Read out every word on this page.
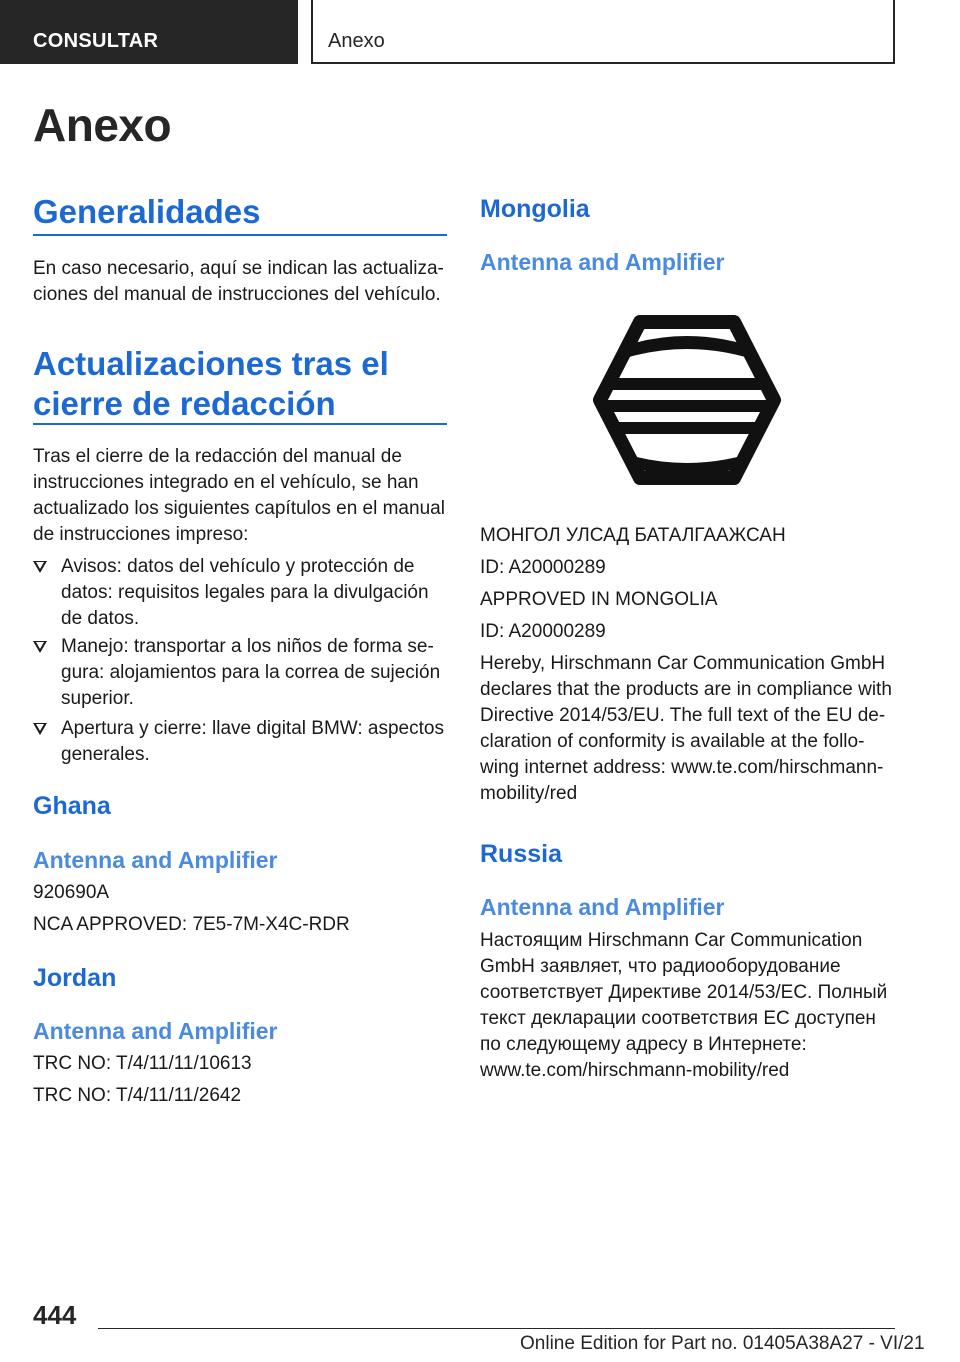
CONSULTAR	Anexo
Anexo
Generalidades
En caso necesario, aquí se indican las actualiza‐
ciones del manual de instrucciones del vehículo.
Actualizaciones tras el
cierre de redacción
Tras el cierre de la redacción del manual de
instrucciones integrado en el vehículo, se han
actualizado los siguientes capítulos en el manual
de instrucciones impreso:
Avisos: datos del vehículo y protección de
datos: requisitos legales para la divulgación
de datos.
Manejo: transportar a los niños de forma se‐
gura: alojamientos para la correa de sujeción
superior.
Apertura y cierre: llave digital BMW: aspectos
generales.
Ghana
Antenna and Amplifier
920690A
NCA APPROVED: 7E5-7M-X4C-RDR
Jordan
Antenna and Amplifier
TRC NO: T/4/11/11/10613
TRC NO: T/4/11/11/2642
Mongolia
Antenna and Amplifier
МОНГОЛ УЛСАД БАТАЛГААЖСАН
ID: A20000289
APPROVED IN MONGOLIA
ID: A20000289
Hereby, Hirschmann Car Communication GmbH
declares that the products are in compliance with
Directive 2014/53/EU. The full text of the EU de‐
claration of conformity is available at the follo‐
wing internet address: www.te.com/hirschmann-
mobility/red
Russia
Antenna and Amplifier
Настоящим Hirschmann Car Communication
GmbH заявляет, что радиооборудование
соответствует Директиве 2014/53/EC. Полный
текст декларации соответствия EC доступен
по следующему адресу в Интернете:
www.te.com/hirschmann-mobility/red
444
Online Edition for Part no. 01405A38A27 - VI/21
